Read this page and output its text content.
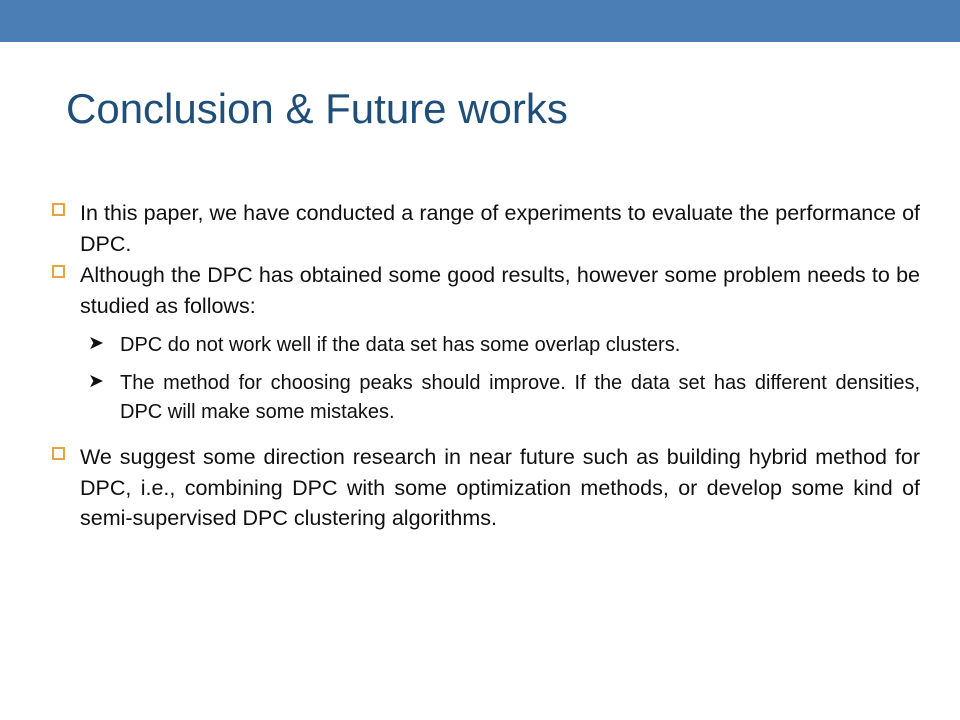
Conclusion & Future works
In this paper, we have conducted a range of experiments to evaluate the performance of DPC.
Although the DPC has obtained some good results, however some problem needs to be studied as follows:
➤ DPC do not work well if the data set has some overlap clusters.
➤ The method for choosing peaks should improve. If the data set has different densities, DPC will make some mistakes.
We suggest some direction research in near future such as building hybrid method for DPC, i.e., combining DPC with some optimization methods, or develop some kind of semi-supervised DPC clustering algorithms.
